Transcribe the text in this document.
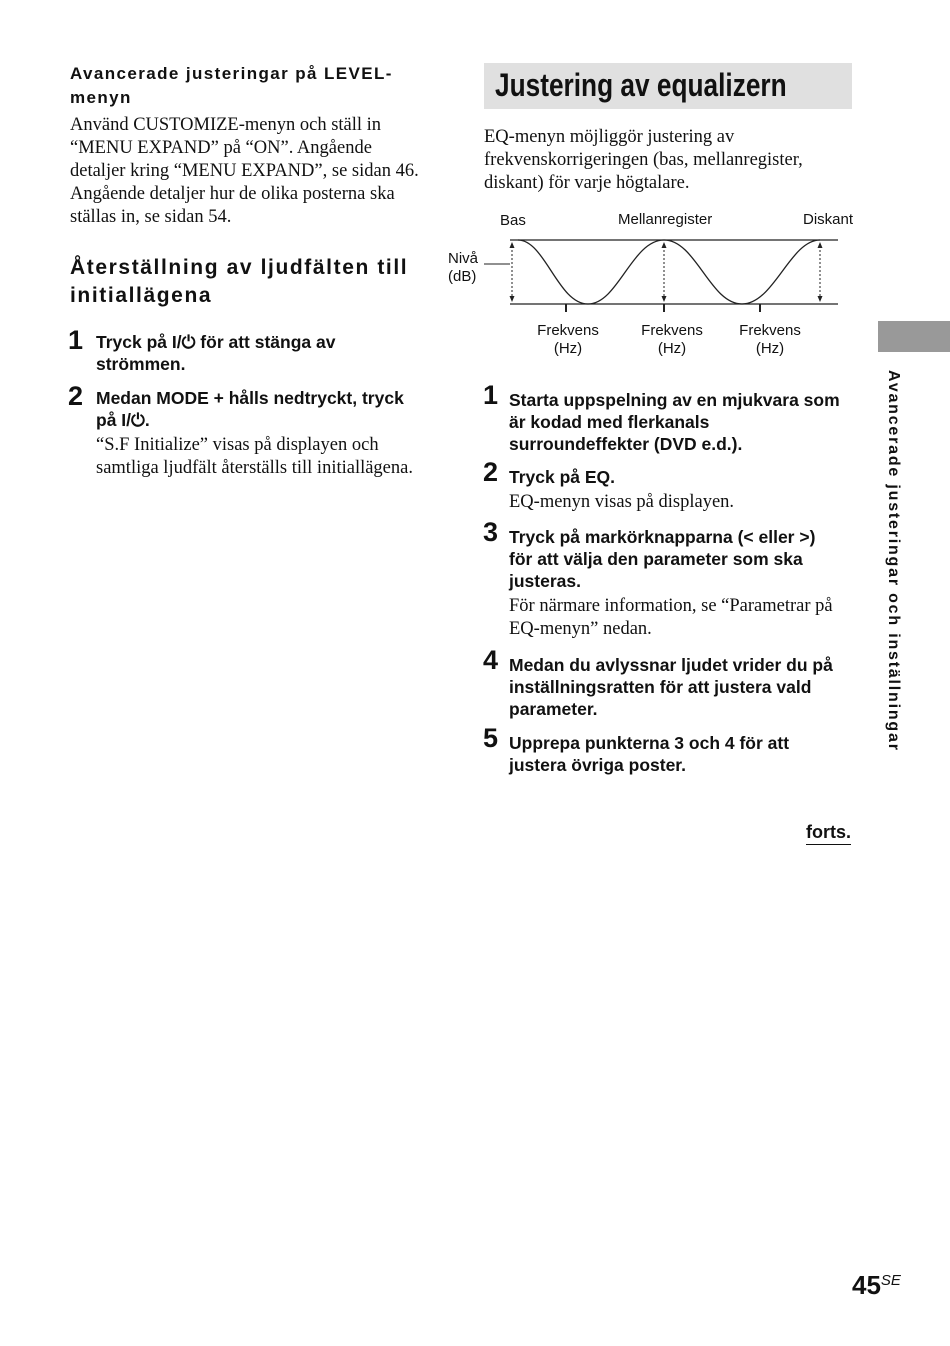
Avancerade justeringar på LEVEL-
menyn
Använd CUSTOMIZE-menyn och ställ in
“MENU EXPAND” på “ON”. Angående
detaljer kring “MENU EXPAND”, se sidan 46.
Angående detaljer hur de olika posterna ska
ställas in, se sidan 54.
Återställning av ljudfälten till
initiallägena
1 Tryck på I/⏻ för att stänga av
strömmen.
2 Medan MODE + hålls nedtryckt, tryck
på I/⏻.
“S.F Initialize” visas på displayen och
samtliga ljudfält återställs till initiallägena.
Justering av equalizern
EQ-menyn möjliggör justering av
frekvenskorrigeringen (bas, mellanregister,
diskant) för varje högtalare.
Bas	Mellanregister	Diskant
Nivå
(dB)
Frekvens
(Hz)
Frekvens
(Hz)
Frekvens
(Hz)
1 Starta uppspelning av en mjukvara som
är kodad med flerkanals
surroundeffekter (DVD e.d.).
2 Tryck på EQ.
EQ-menyn visas på displayen.
3 Tryck på markörknapparna (< eller >)
för att välja den parameter som ska
justeras.
För närmare information, se “Parametrar på
EQ-menyn” nedan.
4 Medan du avlyssnar ljudet vrider du på
inställningsratten för att justera vald
parameter.
5 Upprepa punkterna 3 och 4 för att
justera övriga poster.
forts.
Avancerade justeringar och inställningar
45SE
